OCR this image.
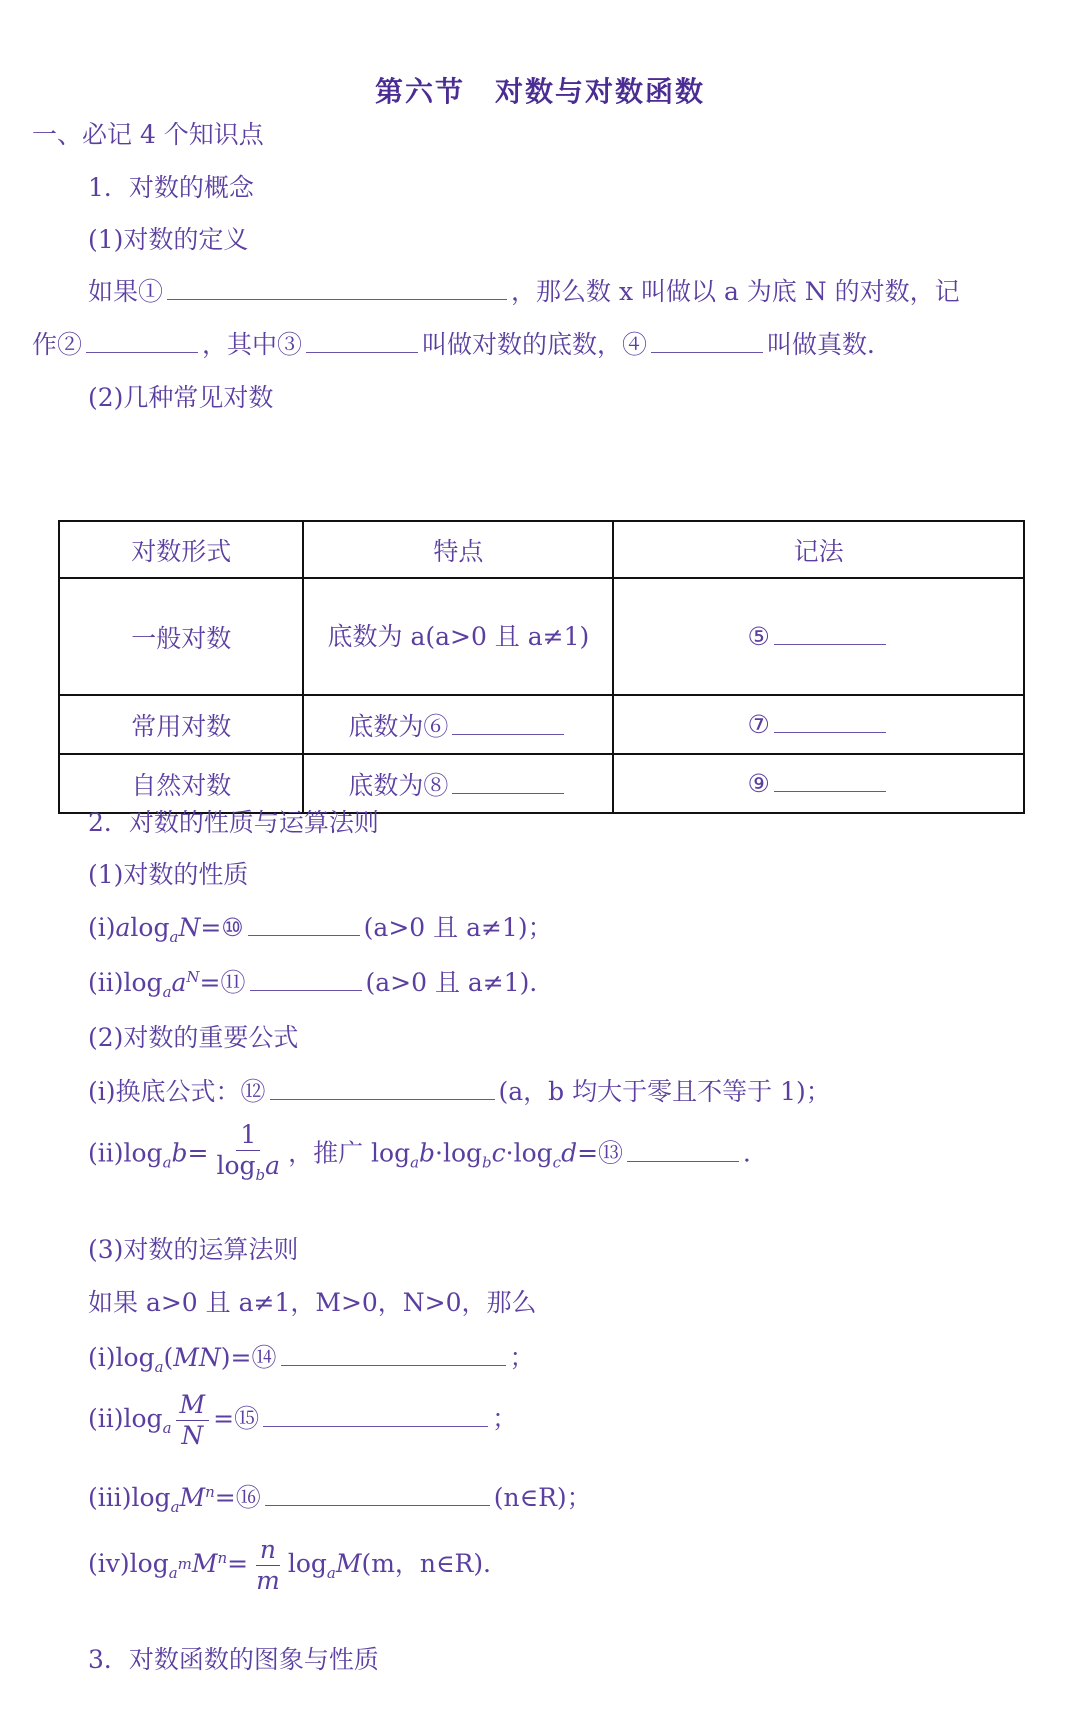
第六节　对数与对数函数
一、必记 4 个知识点
1．对数的概念
(1)对数的定义
如果①	，那么数 x 叫做以 a 为底 N 的对数，记
作②	，其中③	叫做对数的底数，④	叫做真数．
(2)几种常见对数
对数形式	特点	记法
一般对数	底数为 a(a>0 且 a≠1)	⑤
常用对数	底数为⑥	⑦
自然对数	底数为⑧	⑨
2．对数的性质与运算法则
(1)对数的性质
(ⅰ)alog$_a$N=⑩	(a>0 且 a≠1)；
$(ⅱ)\log_aa^N=⑪$	(a>0 且 a≠1)．
(2)对数的重要公式
(ⅰ)换底公式：⑫	(a，b 均大于零且不等于 1)；
$(ⅱ)\log_ab= \frac{1}{\log_ba}$ ，推广 $\log_ab\cdot\log_bc\cdot\log_cd=⑬$	．
(3)对数的运算法则
如果 a>0 且 a≠1，M>0，N>0，那么
$(ⅰ)\log_a(MN)=⑭$	；
$(ⅱ)\log_a \frac{M}{N}$ =⑮	；
$(ⅲ)\log_aM^n=⑯$	(n∈R)；
$(ⅳ)\log_{a^m}M^n= \frac{n}{m} \log_aM(m$，n∈R)．
3．对数函数的图象与性质
